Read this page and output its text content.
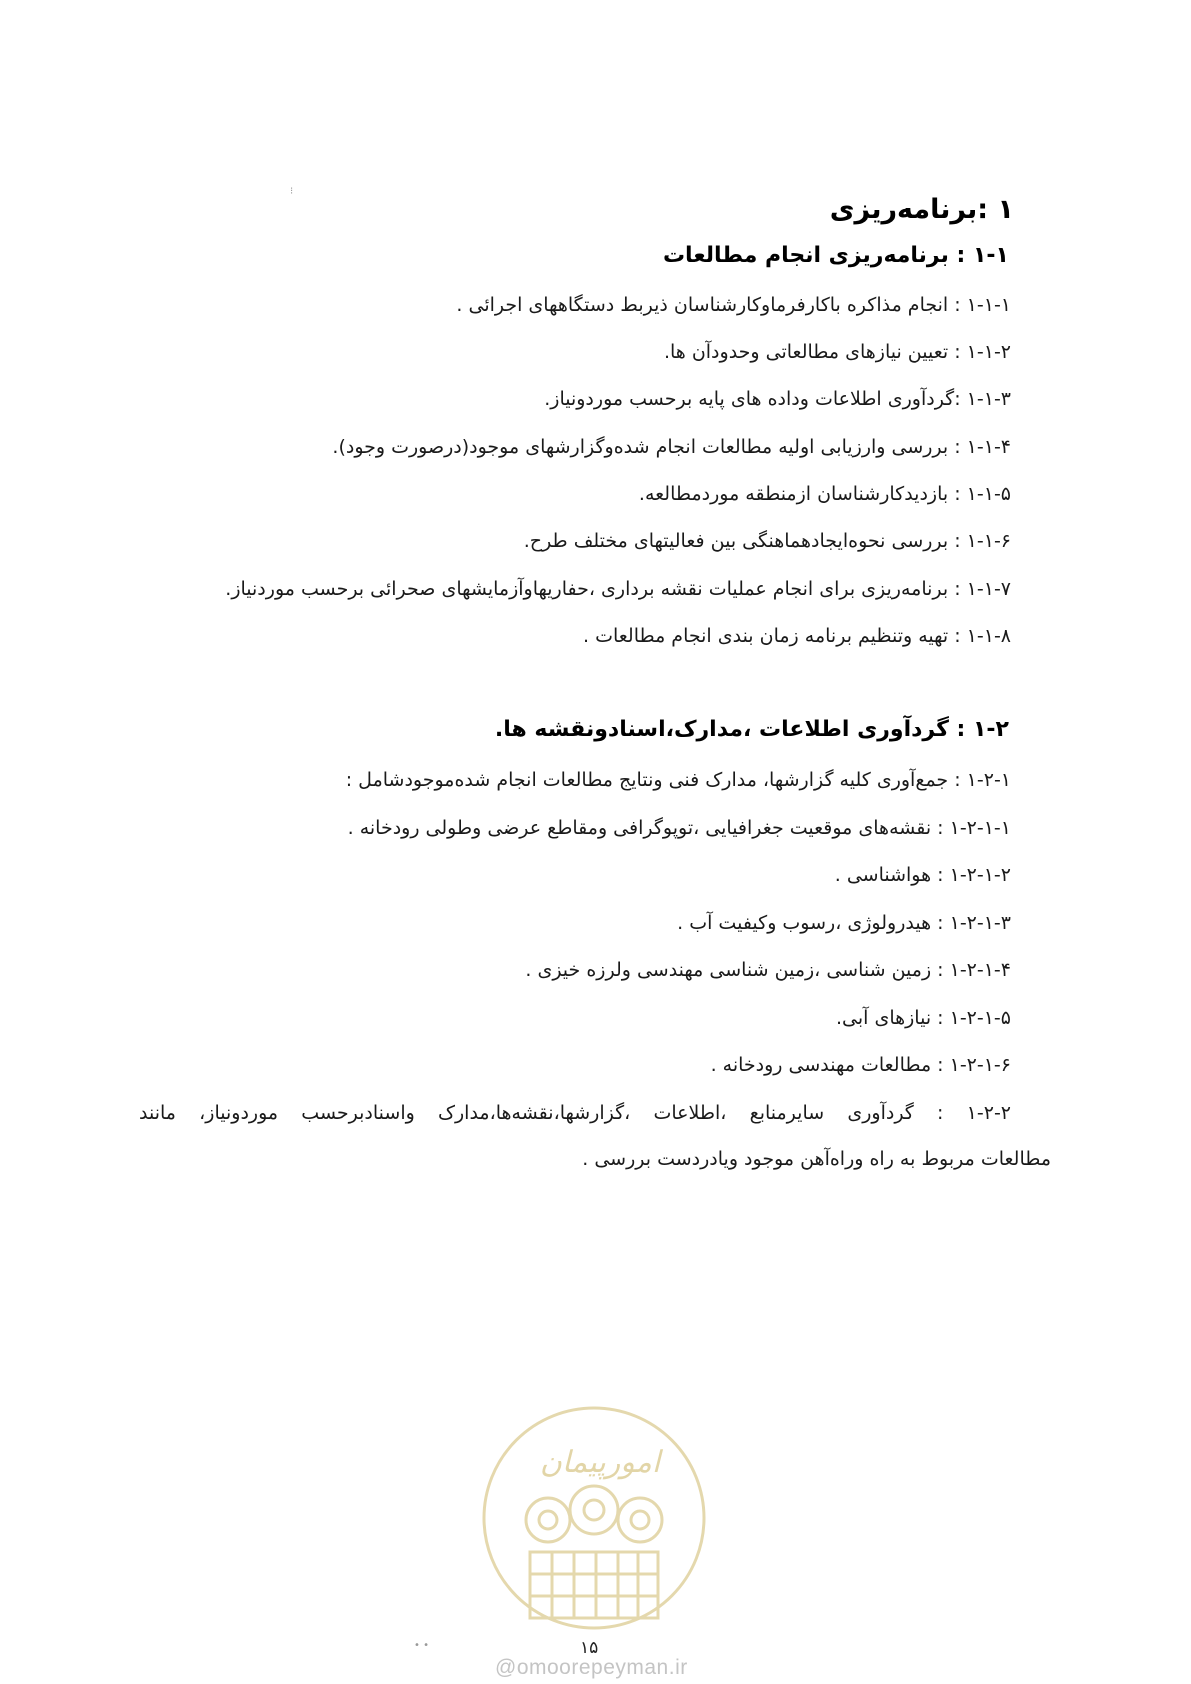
⁝
• •
۱ :برنامه‌ریزی
۱-۱ : برنامه‌ریزی انجام مطالعات

۱-۱-۱ : انجام مذاکره باکارفرماوکارشناسان ذیربط دستگاههای اجرائی .

۱-۱-۲ : تعیین نیازهای مطالعاتی وحدودآن ها.

۱-۱-۳ :گردآوری اطلاعات وداده های پایه برحسب موردونیاز.

۱-۱-۴ : بررسی وارزیابی اولیه مطالعات انجام شده‌وگزارشهای موجود(درصورت وجود).

۱-۱-۵ : بازدیدکارشناسان ازمنطقه موردمطالعه.

۱-۱-۶ : بررسی نحوه‌ایجادهماهنگی بین فعالیتهای مختلف طرح.

۱-۱-۷ : برنامه‌ریزی برای انجام عملیات نقشه برداری ،حفاریهاوآزمایشهای صحرائی برحسب موردنیاز.

۱-۱-۸ : تهیه وتنظیم برنامه زمان بندی انجام مطالعات .

۱-۲ : گردآوری اطلاعات ،مدارک،اسنادونقشه ها.

۱-۲-۱ : جمع‌آوری کلیه گزارشها، مدارک فنی ونتایج مطالعات انجام شده‌موجودشامل :

۱-۲-۱-۱ : نقشه‌های موقعیت جغرافیایی ،توپوگرافی ومقاطع عرضی وطولی رودخانه .

۱-۲-۱-۲ : هواشناسی .

۱-۲-۱-۳ : هیدرولوژی ،رسوب وکیفیت آب .

۱-۲-۱-۴ : زمین شناسی ،زمین شناسی مهندسی ولرزه خیزی .

۱-۲-۱-۵ : نیازهای آبی.

۱-۲-۱-۶ : مطالعات مهندسی رودخانه .

۱-۲-۲ : گردآوری سایرمنابع ،اطلاعات ،گزارشها،نقشه‌ها،مدارک واسنادبرحسب موردونیاز، مانند

مطالعات مربوط به راه وراه‌آهن موجود ویادردست بررسی .

امورپیمان
۱۵
@omoorepeyman.ir
